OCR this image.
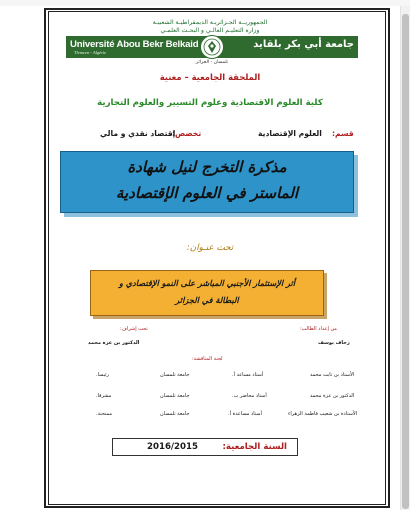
الجمهوريــة الجـزائريـة الديمقراطيـة الشعبيـة
وزارة التعليـم العالـي و البحـث العلمـي
Université Abou Bekr Belkaid
Tlemcen - Algérie
جامعة أبي بكر بلقايد
تلمسان - الجزائر
الملحقة الجامعية – مغنية
كلية العلوم الاقتصادية وعلوم التسيير والعلوم التجارية
قسم:
العلوم الإقتصادية
تخصص:
إقتصاد نقدي و مالي
مذكرة التخرج لنيل شهادة
الماستر في العلوم الإقتصادية
تحت عنـوان:
أثر الإستثمار الأجنبي المباشر على النمو الإقتصادي و
البطالة في الجزائر
من إعداد الطالب:
زحاف يوسف
تحت إشراف:
الدكتور بن عزة محمد
لجنة المناقشة:
الأستاذ بن ثابت محمد
أستاذ مساعد أ.
جامعة تلمسان
رئيسا.
الدكتور بن عزة محمد
أستاذ محاضر ب.
جامعة تلمسان
مشرفا.
الأستاذة بن شعيب فاطمة الزهراء
أستاذ مساعدة أ.
جامعة تلمسان
ممتحنة.
السنة الجامعية:
2016/2015
